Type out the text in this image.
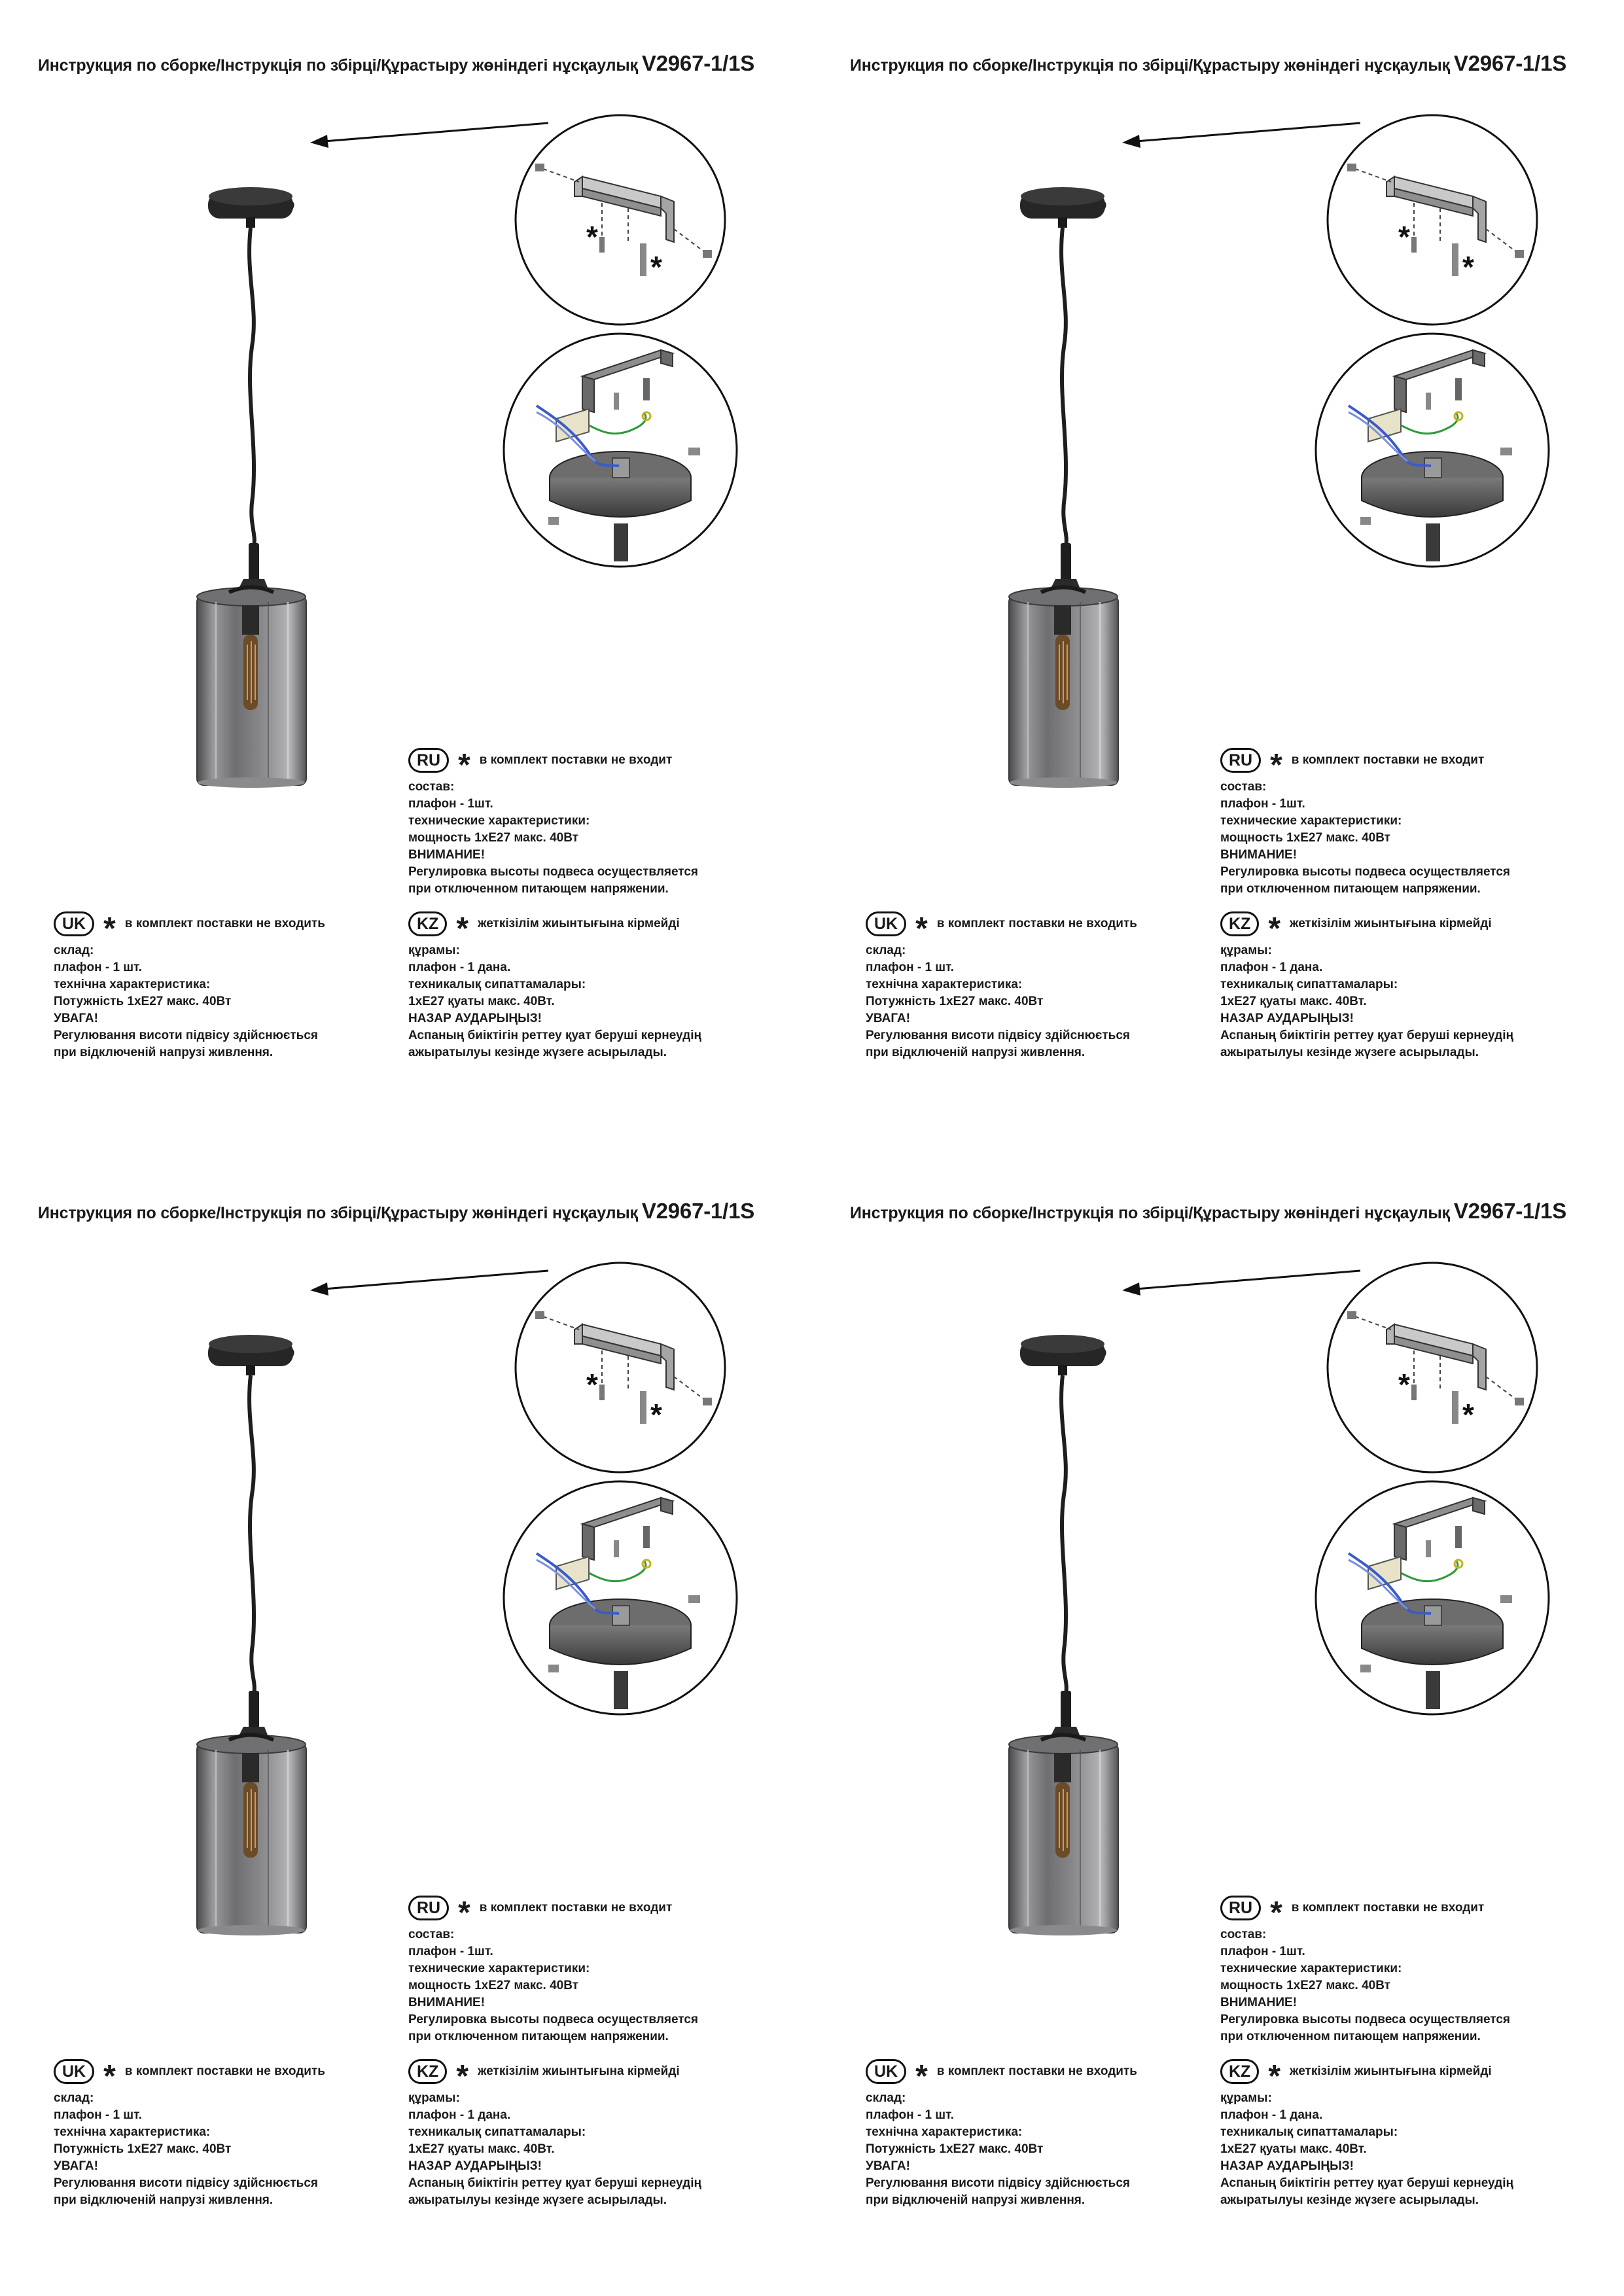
Инструкция по сборке/Інструкція по збірці/Құрастыру жөніндегі нұсқаулық V2967-1/1S
*
*
RU * в комплект поставки не входит
состав:
плафон - 1шт.
технические характеристики:
мощность 1хЕ27 макс. 40Вт
ВНИМАНИЕ!
Регулировка высоты подвеса осуществляется
при отключенном питающем напряжении.
UK * в комплект поставки не входить
склад:
плафон - 1 шт.
технічна характеристика:
Потужність 1хЕ27 макс. 40Вт
УВАГА!
Регулювання висоти підвісу здійснюється
при відключеній напрузі живлення.
KZ * жеткізілім жиынтығына кірмейді
құрамы:
плафон - 1 дана.
техникалық сипаттамалары:
1хЕ27 қуаты макс. 40Вт.
НАЗАР АУДАРЫҢЫЗ!
Аспаның биіктігін реттеу қуат беруші кернеудің
ажыратылуы кезінде жүзеге асырылады.
Инструкция по сборке/Інструкція по збірці/Құрастыру жөніндегі нұсқаулық V2967-1/1S
*
*
RU * в комплект поставки не входит
состав:
плафон - 1шт.
технические характеристики:
мощность 1хЕ27 макс. 40Вт
ВНИМАНИЕ!
Регулировка высоты подвеса осуществляется
при отключенном питающем напряжении.
UK * в комплект поставки не входить
склад:
плафон - 1 шт.
технічна характеристика:
Потужність 1хЕ27 макс. 40Вт
УВАГА!
Регулювання висоти підвісу здійснюється
при відключеній напрузі живлення.
KZ * жеткізілім жиынтығына кірмейді
құрамы:
плафон - 1 дана.
техникалық сипаттамалары:
1хЕ27 қуаты макс. 40Вт.
НАЗАР АУДАРЫҢЫЗ!
Аспаның биіктігін реттеу қуат беруші кернеудің
ажыратылуы кезінде жүзеге асырылады.
Инструкция по сборке/Інструкція по збірці/Құрастыру жөніндегі нұсқаулық V2967-1/1S
*
*
RU * в комплект поставки не входит
состав:
плафон - 1шт.
технические характеристики:
мощность 1хЕ27 макс. 40Вт
ВНИМАНИЕ!
Регулировка высоты подвеса осуществляется
при отключенном питающем напряжении.
UK * в комплект поставки не входить
склад:
плафон - 1 шт.
технічна характеристика:
Потужність 1хЕ27 макс. 40Вт
УВАГА!
Регулювання висоти підвісу здійснюється
при відключеній напрузі живлення.
KZ * жеткізілім жиынтығына кірмейді
құрамы:
плафон - 1 дана.
техникалық сипаттамалары:
1хЕ27 қуаты макс. 40Вт.
НАЗАР АУДАРЫҢЫЗ!
Аспаның биіктігін реттеу қуат беруші кернеудің
ажыратылуы кезінде жүзеге асырылады.
Инструкция по сборке/Інструкція по збірці/Құрастыру жөніндегі нұсқаулық V2967-1/1S
*
*
RU * в комплект поставки не входит
состав:
плафон - 1шт.
технические характеристики:
мощность 1хЕ27 макс. 40Вт
ВНИМАНИЕ!
Регулировка высоты подвеса осуществляется
при отключенном питающем напряжении.
UK * в комплект поставки не входить
склад:
плафон - 1 шт.
технічна характеристика:
Потужність 1хЕ27 макс. 40Вт
УВАГА!
Регулювання висоти підвісу здійснюється
при відключеній напрузі живлення.
KZ * жеткізілім жиынтығына кірмейді
құрамы:
плафон - 1 дана.
техникалық сипаттамалары:
1хЕ27 қуаты макс. 40Вт.
НАЗАР АУДАРЫҢЫЗ!
Аспаның биіктігін реттеу қуат беруші кернеудің
ажыратылуы кезінде жүзеге асырылады.
